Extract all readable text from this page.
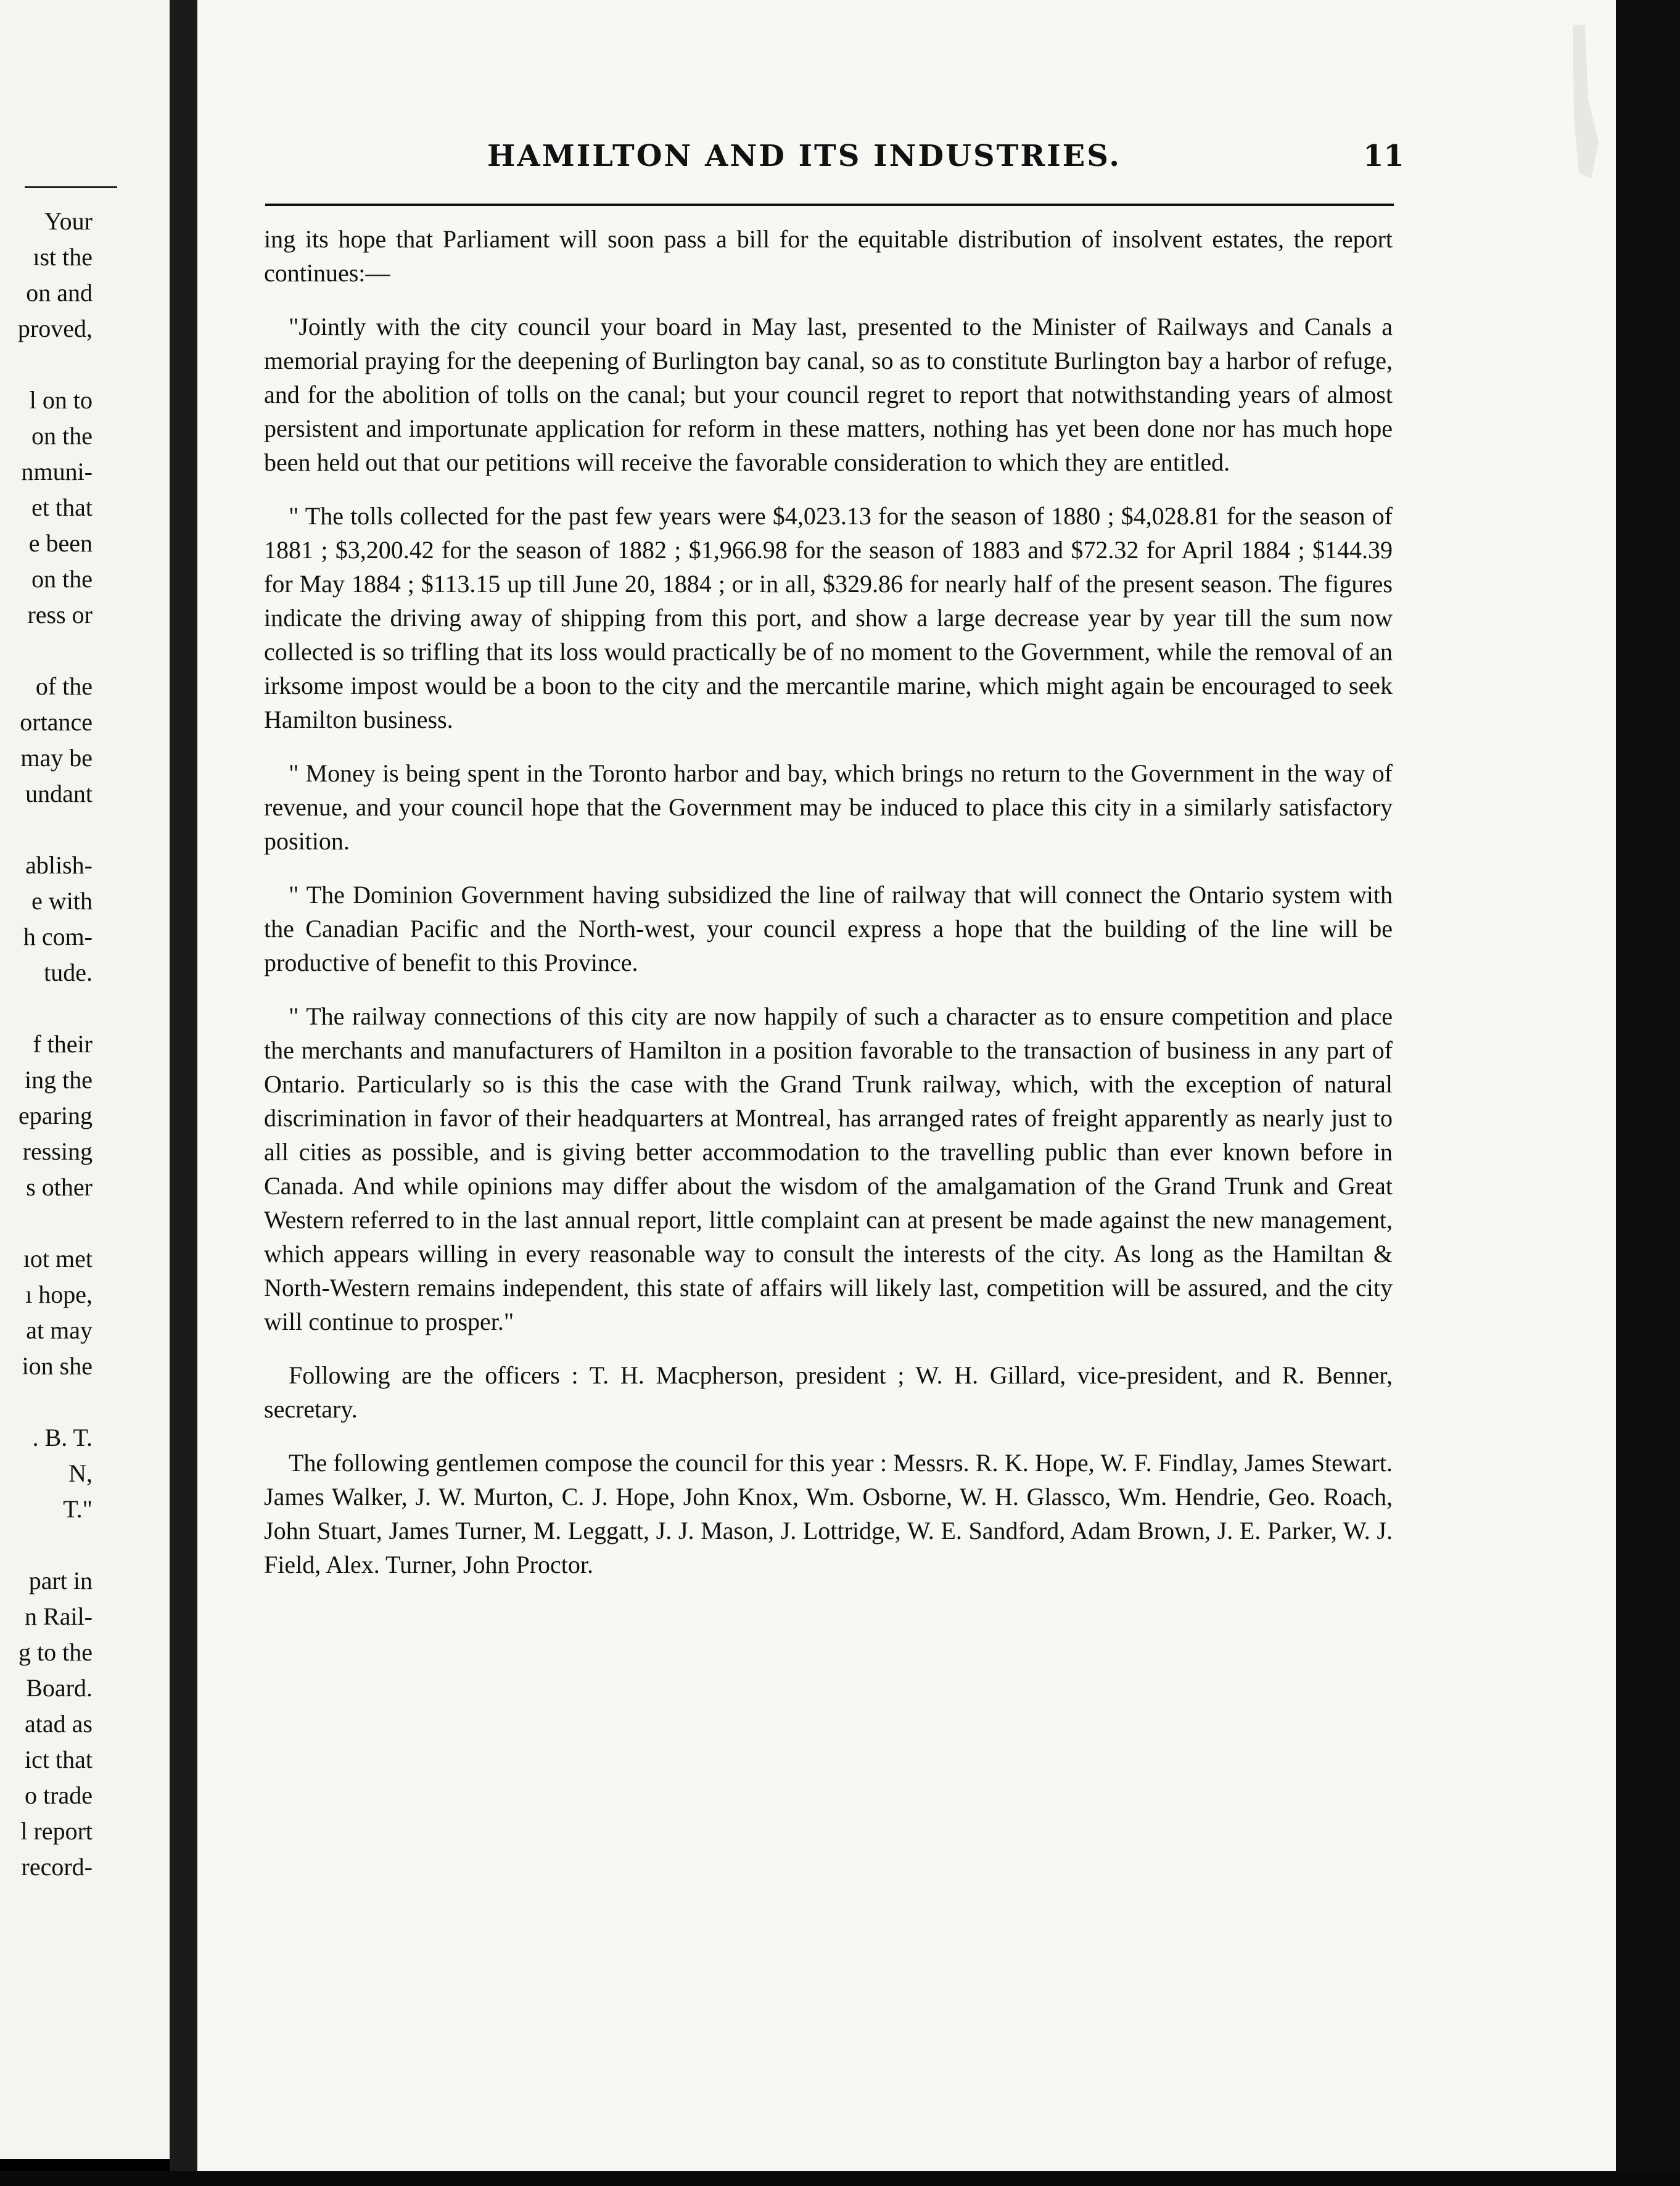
Your
ıst the
on and
proved,
l on to
on the
nmuni-
et that
e been
on the
ress or
of the
ortance
may be
undant
ablish-
e with
h com-
tude.
f their
ing the
eparing
ressing
s other
ıot met
ı hope,
at may
ion she
. B. T.
N,
T."
part in
n Rail-
g to the
Board.
atad as
ict that
o trade
l report
record-
HAMILTON AND ITS INDUSTRIES.	11

ing its hope that Parliament will soon pass a bill for the equitable distribution of insolvent estates, the report continues:—

"Jointly with the city council your board in May last, presented to the Minister of Railways and Canals a memorial praying for the deepening of Burlington bay canal, so as to constitute Burlington bay a harbor of refuge, and for the abolition of tolls on the canal; but your council regret to report that notwithstanding years of almost persistent and importunate application for reform in these matters, nothing has yet been done nor has much hope been held out that our petitions will receive the favorable consideration to which they are entitled.

" The tolls collected for the past few years were $4,023.13 for the season of 1880 ; $4,028.81 for the season of 1881 ; $3,200.42 for the season of 1882 ; $1,966.98 for the season of 1883 and $72.32 for April 1884 ; $144.39 for May 1884 ; $113.15 up till June 20, 1884 ; or in all, $329.86 for nearly half of the present season. The figures indicate the driving away of shipping from this port, and show a large decrease year by year till the sum now collected is so trifling that its loss would practically be of no moment to the Government, while the removal of an irksome impost would be a boon to the city and the mercantile marine, which might again be encouraged to seek Hamilton business.

" Money is being spent in the Toronto harbor and bay, which brings no return to the Government in the way of revenue, and your council hope that the Government may be induced to place this city in a similarly satisfactory position.

" The Dominion Government having subsidized the line of railway that will connect the Ontario system with the Canadian Pacific and the North-west, your council express a hope that the building of the line will be productive of benefit to this Province.

" The railway connections of this city are now happily of such a character as to ensure competition and place the merchants and manufacturers of Hamilton in a position favorable to the transaction of business in any part of Ontario. Particularly so is this the case with the Grand Trunk railway, which, with the exception of natural discrimination in favor of their headquarters at Montreal, has arranged rates of freight apparently as nearly just to all cities as possible, and is giving better accommodation to the travelling public than ever known before in Canada. And while opinions may differ about the wisdom of the amalgamation of the Grand Trunk and Great Western referred to in the last annual report, little complaint can at present be made against the new management, which appears willing in every reasonable way to consult the interests of the city. As long as the Hamiltan & North-Western remains independent, this state of affairs will likely last, competition will be assured, and the city will continue to prosper."

Following are the officers : T. H. Macpherson, president ; W. H. Gillard, vice-president, and R. Benner, secretary.

The following gentlemen compose the council for this year : Messrs. R. K. Hope, W. F. Findlay, James Stewart. James Walker, J. W. Murton, C. J. Hope, John Knox, Wm. Osborne, W. H. Glassco, Wm. Hendrie, Geo. Roach, John Stuart, James Turner, M. Leggatt, J. J. Mason, J. Lottridge, W. E. Sandford, Adam Brown, J. E. Parker, W. J. Field, Alex. Turner, John Proctor.
